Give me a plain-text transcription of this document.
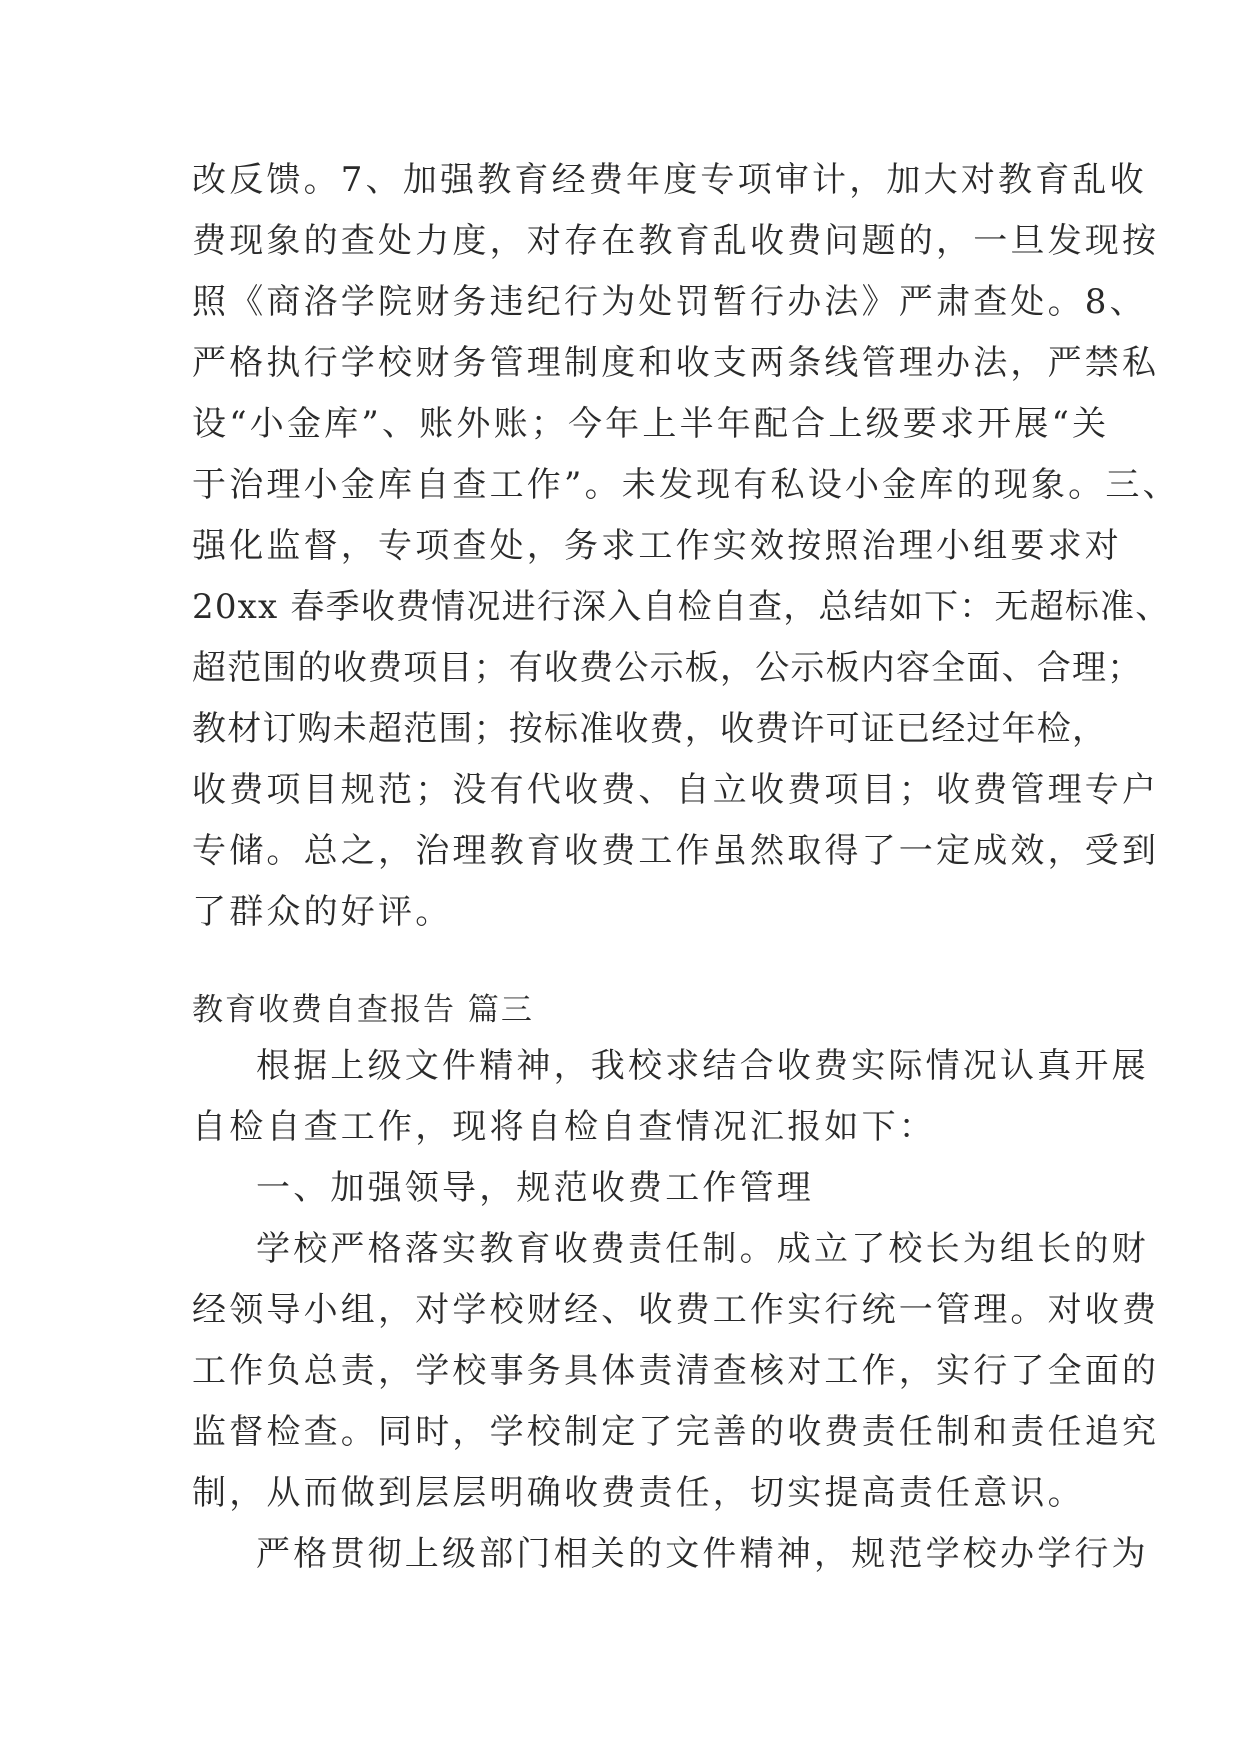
改反馈。7、加强教育经费年度专项审计，加大对教育乱收
费现象的查处力度，对存在教育乱收费问题的，一旦发现按
照《商洛学院财务违纪行为处罚暂行办法》严肃查处。8、
严格执行学校财务管理制度和收支两条线管理办法，严禁私
设“小金库”、账外账；今年上半年配合上级要求开展“关
于治理小金库自查工作”。未发现有私设小金库的现象。三、
强化监督，专项查处，务求工作实效按照治理小组要求对
20xx 春季收费情况进行深入自检自查，总结如下：无超标准、
超范围的收费项目；有收费公示板，公示板内容全面、合理；
教材订购未超范围；按标准收费，收费许可证已经过年检，
收费项目规范；没有代收费、自立收费项目；收费管理专户
专储。总之，治理教育收费工作虽然取得了一定成效，受到
了群众的好评。
教育收费自查报告 篇三
根据上级文件精神，我校求结合收费实际情况认真开展
自检自查工作，现将自检自查情况汇报如下：
一、加强领导，规范收费工作管理
学校严格落实教育收费责任制。成立了校长为组长的财
经领导小组，对学校财经、收费工作实行统一管理。对收费
工作负总责，学校事务具体责清查核对工作，实行了全面的
监督检查。同时，学校制定了完善的收费责任制和责任追究
制，从而做到层层明确收费责任，切实提高责任意识。
严格贯彻上级部门相关的文件精神，规范学校办学行为
